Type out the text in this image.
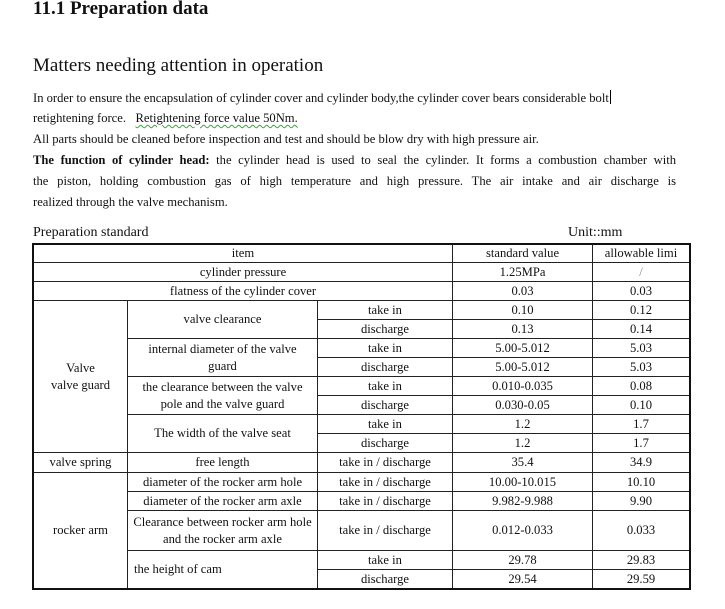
11.1 Preparation data
Matters needing attention in operation
In order to ensure the encapsulation of cylinder cover and cylinder body,the cylinder cover bears considerable bolt
retightening force. Retightening force value 50Nm.
All parts should be cleaned before inspection and test and should be blow dry with high pressure air.
The function of cylinder head: the cylinder head is used to seal the cylinder. It forms a combustion chamber with
the piston, holding combustion gas of high temperature and high pressure. The air intake and air discharge is
realized through the valve mechanism.
Preparation standard	Unit::mm
item			standard value	allowable limi
cylinder pressure			1.25MPa	/
flatness of the cylinder cover			0.03	0.03
Valve
valve guard	valve clearance	take in	0.10	0.12
		discharge	0.13	0.14
	internal diameter of the valve guard	take in	5.00-5.012	5.03
		discharge	5.00-5.012	5.03
	the clearance between the valve pole and the valve guard	take in	0.010-0.035	0.08
		discharge	0.030-0.05	0.10
	The width of the valve seat	take in	1.2	1.7
		discharge	1.2	1.7
valve spring	free length	take in / discharge	35.4	34.9
rocker arm	diameter of the rocker arm hole	take in / discharge	10.00-10.015	10.10
	diameter of the rocker arm axle	take in / discharge	9.982-9.988	9.90
	Clearance between rocker arm hole and the rocker arm axle	take in / discharge	0.012-0.033	0.033
	the height of cam	take in	29.78	29.83
		discharge	29.54	29.59
